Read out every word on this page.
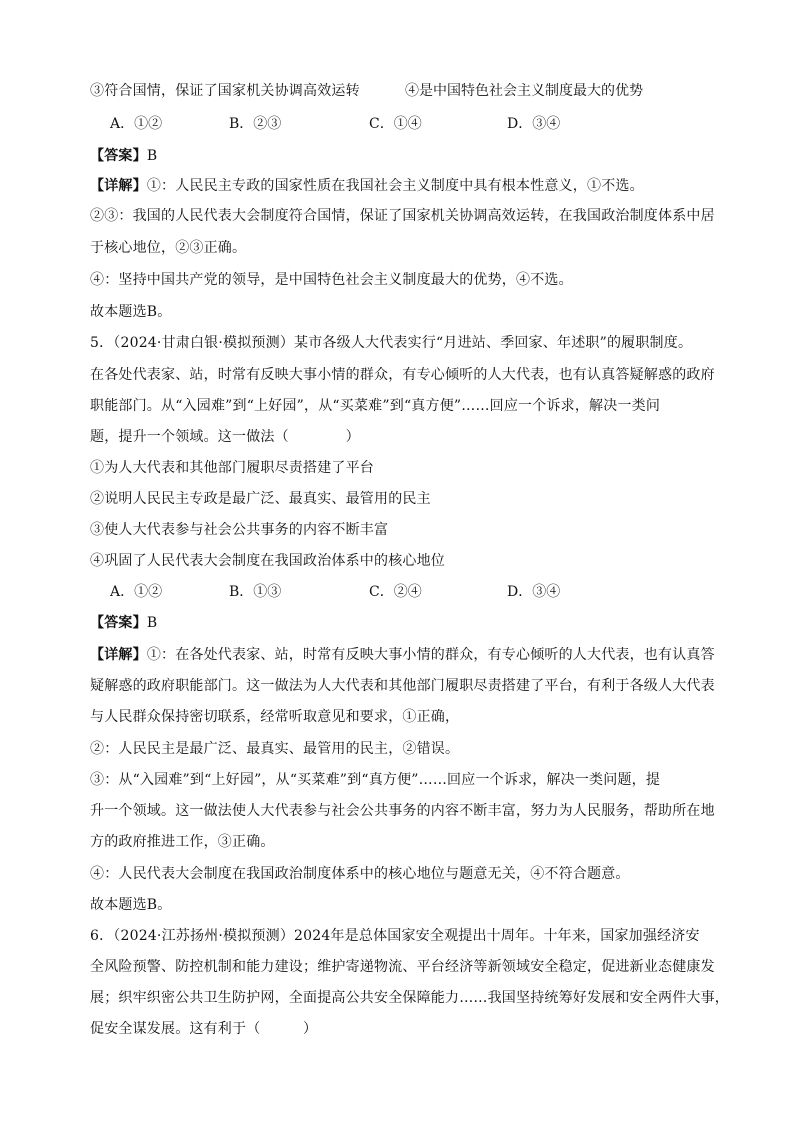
③符合国情，保证了国家机关协调高效运转	④是中国特色社会主义制度最大的优势
A．①②	B．②③	C．①④	D．③④
【答案】B
【详解】①：人民民主专政的国家性质在我国社会主义制度中具有根本性意义，①不选。
②③：我国的人民代表大会制度符合国情，保证了国家机关协调高效运转，在我国政治制度体系中居
于核心地位，②③正确。
④：坚持中国共产党的领导，是中国特色社会主义制度最大的优势，④不选。
故本题选B。
5．（2024·甘肃白银·模拟预测）某市各级人大代表实行“月进站、季回家、年述职”的履职制度。
在各处代表家、站，时常有反映大事小情的群众，有专心倾听的人大代表，也有认真答疑解惑的政府
职能部门。从“入园难”到“上好园”，从“买菜难”到“真方便”……回应一个诉求，解决一类问
题，提升一个领域。这一做法（　　　　）
①为人大代表和其他部门履职尽责搭建了平台
②说明人民民主专政是最广泛、最真实、最管用的民主
③使人大代表参与社会公共事务的内容不断丰富
④巩固了人民代表大会制度在我国政治体系中的核心地位
A．①②	B．①③	C．②④	D．③④
【答案】B
【详解】①：在各处代表家、站，时常有反映大事小情的群众，有专心倾听的人大代表，也有认真答
疑解惑的政府职能部门。这一做法为人大代表和其他部门履职尽责搭建了平台，有利于各级人大代表
与人民群众保持密切联系，经常听取意见和要求，①正确，
②：人民民主是最广泛、最真实、最管用的民主，②错误。
③：从“入园难”到“上好园”，从“买菜难”到“真方便”……回应一个诉求，解决一类问题，提
升一个领域。这一做法使人大代表参与社会公共事务的内容不断丰富，努力为人民服务，帮助所在地
方的政府推进工作，③正确。
④：人民代表大会制度在我国政治制度体系中的核心地位与题意无关，④不符合题意。
故本题选B。
6．（2024·江苏扬州·模拟预测）2024年是总体国家安全观提出十周年。十年来，国家加强经济安
全风险预警、防控机制和能力建设；维护寄递物流、平台经济等新领域安全稳定，促进新业态健康发
展；织牢织密公共卫生防护网，全面提高公共安全保障能力……我国坚持统筹好发展和安全两件大事，
促安全谋发展。这有利于（　　　）
